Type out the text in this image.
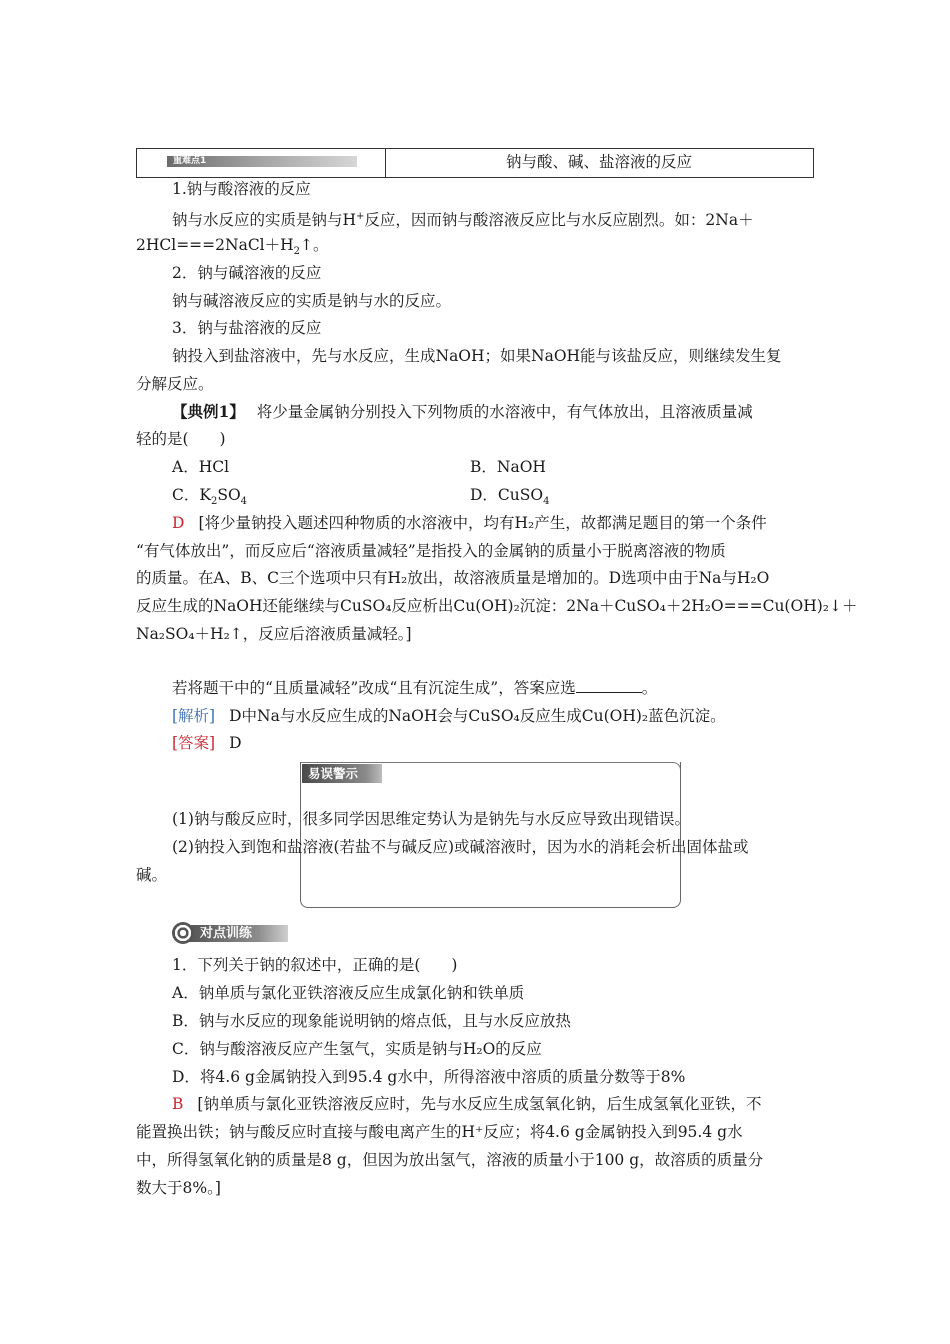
重难点1	钠与酸、碱、盐溶液的反应
1.钠与酸溶液的反应
钠与水反应的实质是钠与H+反应，因而钠与酸溶液反应比与水反应剧烈。如：2Na＋
$2HCl===2NaCl+H_2↑$。
2．钠与碱溶液的反应
钠与碱溶液反应的实质是钠与水的反应。
3．钠与盐溶液的反应
钠投入到盐溶液中，先与水反应，生成NaOH；如果NaOH能与该盐反应，则继续发生复
分解反应。
【典例1】 将少量金属钠分别投入下列物质的水溶液中，有气体放出，且溶液质量减
轻的是(　　)
A．HCl	B．NaOH
C．$K_2SO_4$	D．CuSO$_4$
D [将少量钠投入题述四种物质的水溶液中，均有H₂产生，故都满足题目的第一个条件
“有气体放出”，而反应后“溶液质量减轻”是指投入的金属钠的质量小于脱离溶液的物质
的质量。在A、B、C三个选项中只有H₂放出，故溶液质量是增加的。D选项中由于Na与H₂O
反应生成的NaOH还能继续与CuSO₄反应析出Cu(OH)₂沉淀：2Na＋CuSO₄＋2H₂O===Cu(OH)₂↓＋
Na₂SO₄＋H₂↑，反应后溶液质量减轻。]
若将题干中的“且质量减轻”改成“且有沉淀生成”，答案应选	。
[解析] D中Na与水反应生成的NaOH会与CuSO₄反应生成Cu(OH)₂蓝色沉淀。
[答案] D
易误警示
(1)钠与酸反应时，很多同学因思维定势认为是钠先与水反应导致出现错误。
(2)钠投入到饱和盐溶液(若盐不与碱反应)或碱溶液时，因为水的消耗会析出固体盐或
碱。
对点训练
1．下列关于钠的叙述中，正确的是(　　)
A．钠单质与氯化亚铁溶液反应生成氯化钠和铁单质
B．钠与水反应的现象能说明钠的熔点低，且与水反应放热
C．钠与酸溶液反应产生氢气，实质是钠与H₂O的反应
D．将4.6 g金属钠投入到95.4 g水中，所得溶液中溶质的质量分数等于8%
B [钠单质与氯化亚铁溶液反应时，先与水反应生成氢氧化钠，后生成氢氧化亚铁，不
能置换出铁；钠与酸反应时直接与酸电离产生的H⁺反应；将4.6 g金属钠投入到95.4 g水
中，所得氢氧化钠的质量是8 g，但因为放出氢气，溶液的质量小于100 g，故溶质的质量分
数大于8%。]
